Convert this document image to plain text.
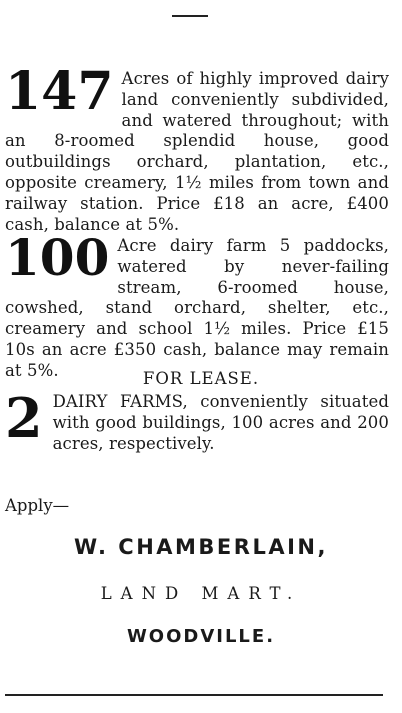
147 Acres of highly improved dairy land conveniently subdivided, and watered throughout; with an 8-roomed splendid house, good outbuildings orchard, plantation, etc., opposite creamery, 1½ miles from town and railway station. Price £18 an acre, £400 cash, balance at 5%.
100 Acre dairy farm 5 paddocks, watered by never-failing stream, 6-roomed house, cowshed, stand orchard, shelter, etc., creamery and school 1½ miles. Price £15 10s an acre £350 cash, balance may remain at 5%.	FOR LEASE.
2 DAIRY FARMS, conveniently situated with good buildings, 100 acres and 200 acres, respectively.
Apply—
W. CHAMBERLAIN,
LAND MART.
WOODVILLE.
